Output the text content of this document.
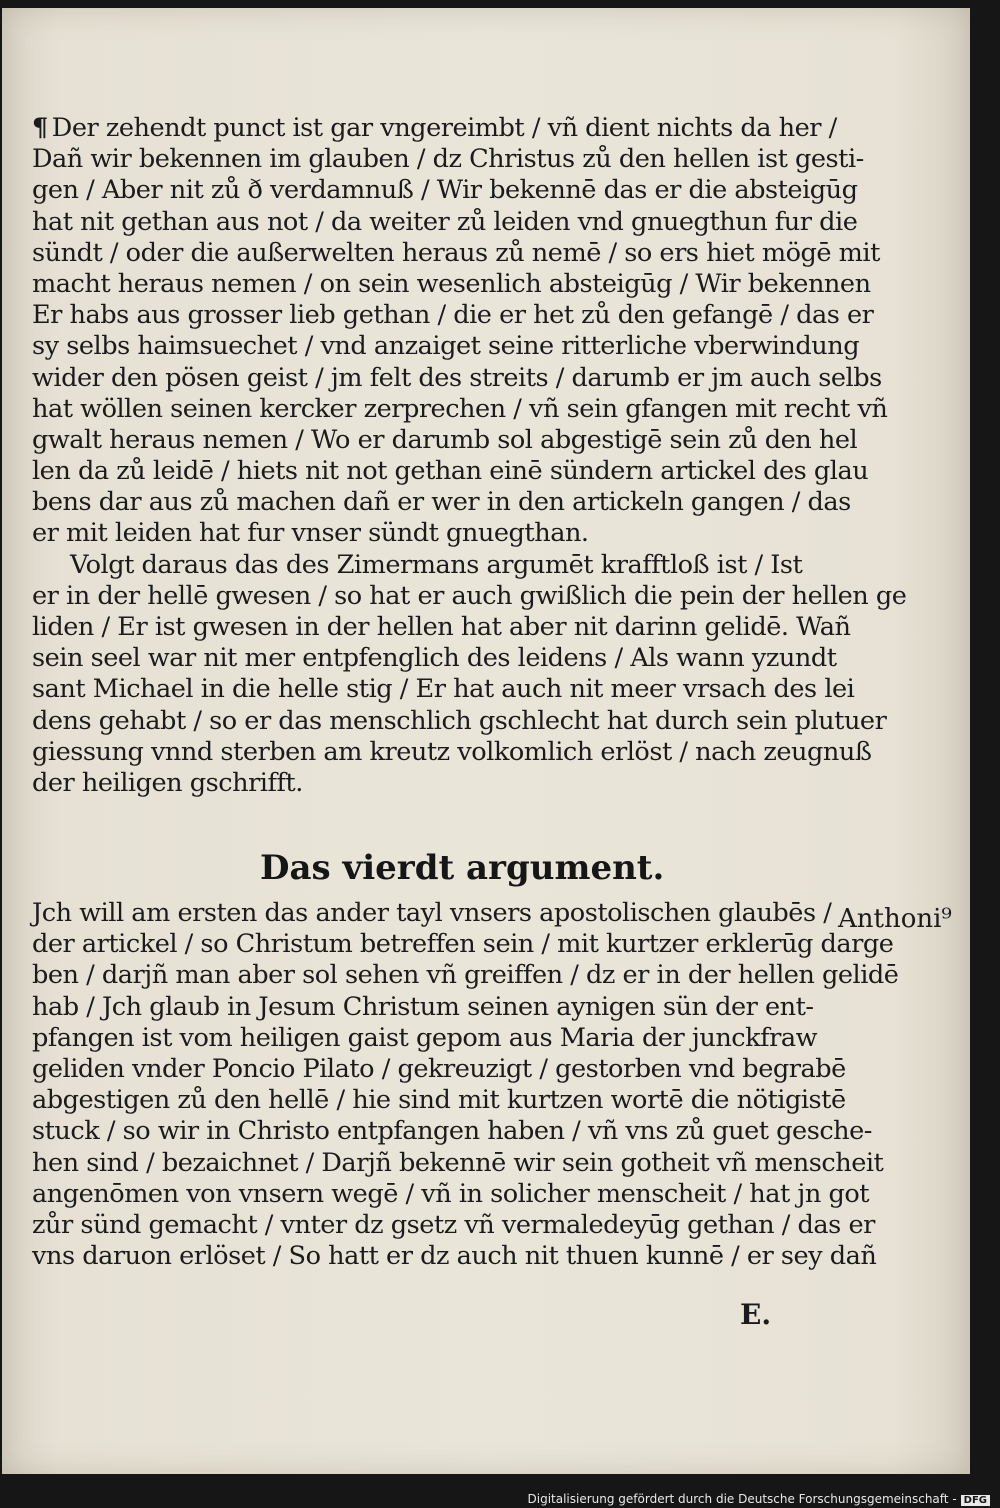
¶ Der zehendt punct ist gar vngereimbt / vñ dient nichts da her /
Dañ wir bekennen im glauben / dz Christus zů den hellen ist gesti‑
gen / Aber nit zů ð verdamnuß / Wir bekennē das er die absteigūg
hat nit gethan aus not / da weiter zů leiden vnd gnuegthun fur die
sündt / oder die außerwelten heraus zů nemē / so ers hiet mögē mit
macht heraus nemen / on sein wesenlich absteigūg / Wir bekennen
Er habs aus grosser lieb gethan / die er het zů den gefangē / das er
sy selbs haimsuechet / vnd anzaiget seine ritterliche vberwindung
wider den pösen geist / jm felt des streits / darumb er jm auch selbs
hat wöllen seinen kercker zerprechen / vñ sein gfangen mit recht vñ
gwalt heraus nemen / Wo er darumb sol abgestigē sein zů den hel
len da zů leidē / hiets nit not gethan einē sündern artickel des glau
bens dar aus zů machen dañ er wer in den artickeln gangen / das
er mit leiden hat fur vnser sündt gnuegthan.
Volgt daraus das des Zimermans argumēt krafftloß ist / Ist
er in der hellē gwesen / so hat er auch gwißlich die pein der hellen ge
liden / Er ist gwesen in der hellen hat aber nit darinn gelidē. Wañ
sein seel war nit mer entpfenglich des leidens / Als wann yzundt
sant Michael in die helle stig / Er hat auch nit meer vrsach des lei
dens gehabt / so er das menschlich gschlecht hat durch sein plutuer
giessung vnnd sterben am kreutz volkomlich erlöst / nach zeugnuß
der heiligen gschrifft.
Das vierdt argument.
Jch will am ersten das ander tayl vnsers apostolischen glaubēs /
der artickel / so Christum betreffen sein / mit kurtzer erklerūg darge
ben / darjñ man aber sol sehen vñ greiffen / dz er in der hellen gelidē
hab / Jch glaub in Jesum Christum seinen aynigen sün der ent‑
pfangen ist vom heiligen gaist gepom aus Maria der junckfraw
geliden vnder Poncio Pilato / gekreuzigt / gestorben vnd begrabē
abgestigen zů den hellē / hie sind mit kurtzen wortē die nötigistē
stuck / so wir in Christo entpfangen haben / vñ vns zů guet gesche‑
hen sind / bezaichnet / Darjñ bekennē wir sein gotheit vñ menscheit
angenōmen von vnsern wegē / vñ in solicher menscheit / hat jn got
zůr sünd gemacht / vnter dz gsetz vñ vermaledeyūg gethan / das er
vns daruon erlöset / So hatt er dz auch nit thuen kunnē / er sey dañ
Anthoni⁹
E.
Digitalisierung gefördert durch die Deutsche Forschungsgemeinschaft - DFG
